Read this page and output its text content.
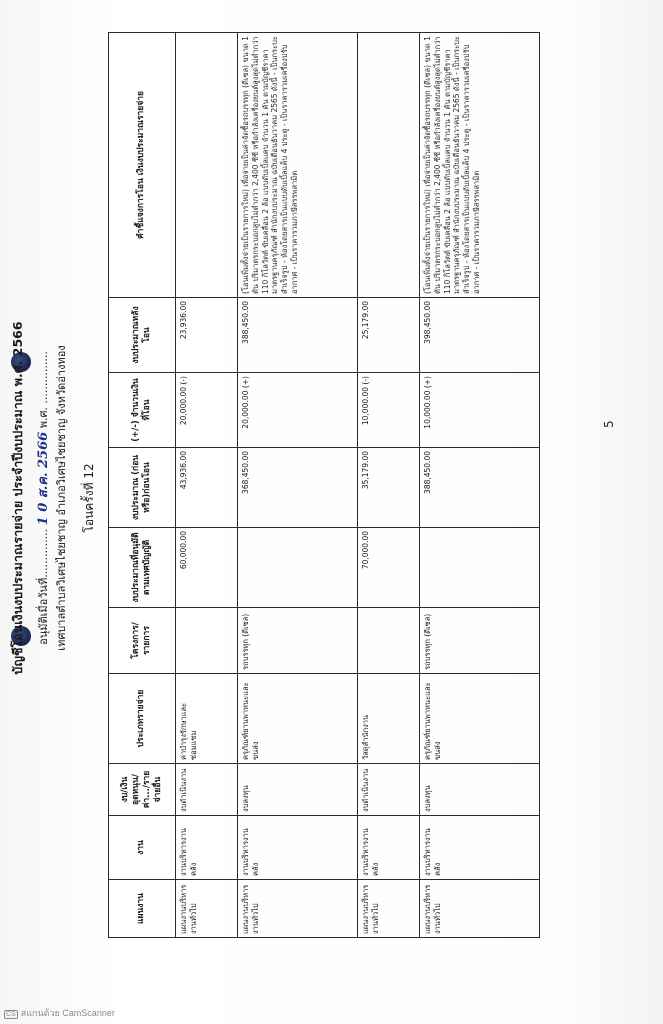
บัญชีโอนเงินงบประมาณรายจ่าย ประจำปีงบประมาณ พ.ศ. 2566	อนุมัติเมื่อวันที่.............. 1 0 ส.ค. 2566 พ.ศ. ............... เทศบาลตำบลวิเศษไชยชาญ อำเภอวิเศษไชยชาญ จังหวัดอ่างทอง โอนครั้งที่ 12
แผนงาน	งาน	งบ/เงินอุดหนุน/ค่า.../รายจ่ายอื่น	ประเภทรายจ่าย	โครงการ/รายการ	งบประมาณที่อนุมัติตามเทศบัญญัติ	งบประมาณ (ก่อนหรือ)ก่อนโอน	(+/-) จำนวนเงินที่โอน	งบประมาณหลังโอน	คำชี้แจงการโอน เงินงบประมาณรายจ่าย
แผนงานบริหารงานทั่วไป	งานบริหารงานคลัง	งบดำเนินงาน	ค่าบำรุงรักษาและซ่อมแซม		60,000.00	43,936.00	20,000.00 (-)	23,936.00	
แผนงานบริหารงานทั่วไป	งานบริหารงานคลัง	งบลงทุน	ครุภัณฑ์ยานพาหนะและขนส่ง	รถบรรทุก (ดีเซล)		368,450.00	20,000.00 (+)	388,450.00	(โอนเพิ่มตั้งจ่ายเป็นรายการใหม่) เพื่อจ่ายเป็นค่าจัดซื้อรถบรรทุก (ดีเซล) ขนาด 1 ตัน ปริมาตรกระบอกสูบไม่ต่ำกว่า 2,400 ซีซี หรือกำลังเครื่องยนต์สูงสุดไม่ต่ำกว่า 110 กิโลวัตต์ ขับเคลื่อน 2 ล้อ แบบดับเบิ้ลแคบ จำนวน 1 คัน ตามบัญชีราคามาตรฐานครุภัณฑ์ สำนักงบประมาณ ฉบับเดือนธันวาคม 2565 ดังนี้ - เป็นกระบะสำเร็จรูป - ห้องโดยสารเป็นแบบดับเบิ้ลแค็บ 4 ประตู - เป็นราคารวมเครื่องปรับอากาศ - เป็นราคารวมภาษีสรรพสามิต
แผนงานบริหารงานทั่วไป	งานบริหารงานคลัง	งบดำเนินงาน	วัสดุสำนักงาน		70,000.00	35,179.00	10,000.00 (-)	25,179.00	
แผนงานบริหารงานทั่วไป	งานบริหารงานคลัง	งบลงทุน	ครุภัณฑ์ยานพาหนะและขนส่ง	รถบรรทุก (ดีเซล)		388,450.00	10,000.00 (+)	398,450.00	(โอนเพิ่มตั้งจ่ายเป็นรายการใหม่) เพื่อจ่ายเป็นค่าจัดซื้อรถบรรทุก (ดีเซล) ขนาด 1 ตัน ปริมาตรกระบอกสูบไม่ต่ำกว่า 2,400 ซีซี หรือกำลังเครื่องยนต์สูงสุดไม่ต่ำกว่า 110 กิโลวัตต์ ขับเคลื่อน 2 ล้อ แบบดับเบิ้ลแคบ จำนวน 1 คัน ตามบัญชีราคามาตรฐานครุภัณฑ์ สำนักงบประมาณ ฉบับเดือนธันวาคม 2565 ดังนี้ - เป็นกระบะสำเร็จรูป - ห้องโดยสารเป็นแบบดับเบิ้ลแค็บ 4 ประตู - เป็นราคารวมเครื่องปรับอากาศ - เป็นราคารวมภาษีสรรพสามิต
5
CS สแกนด้วย CamScanner
